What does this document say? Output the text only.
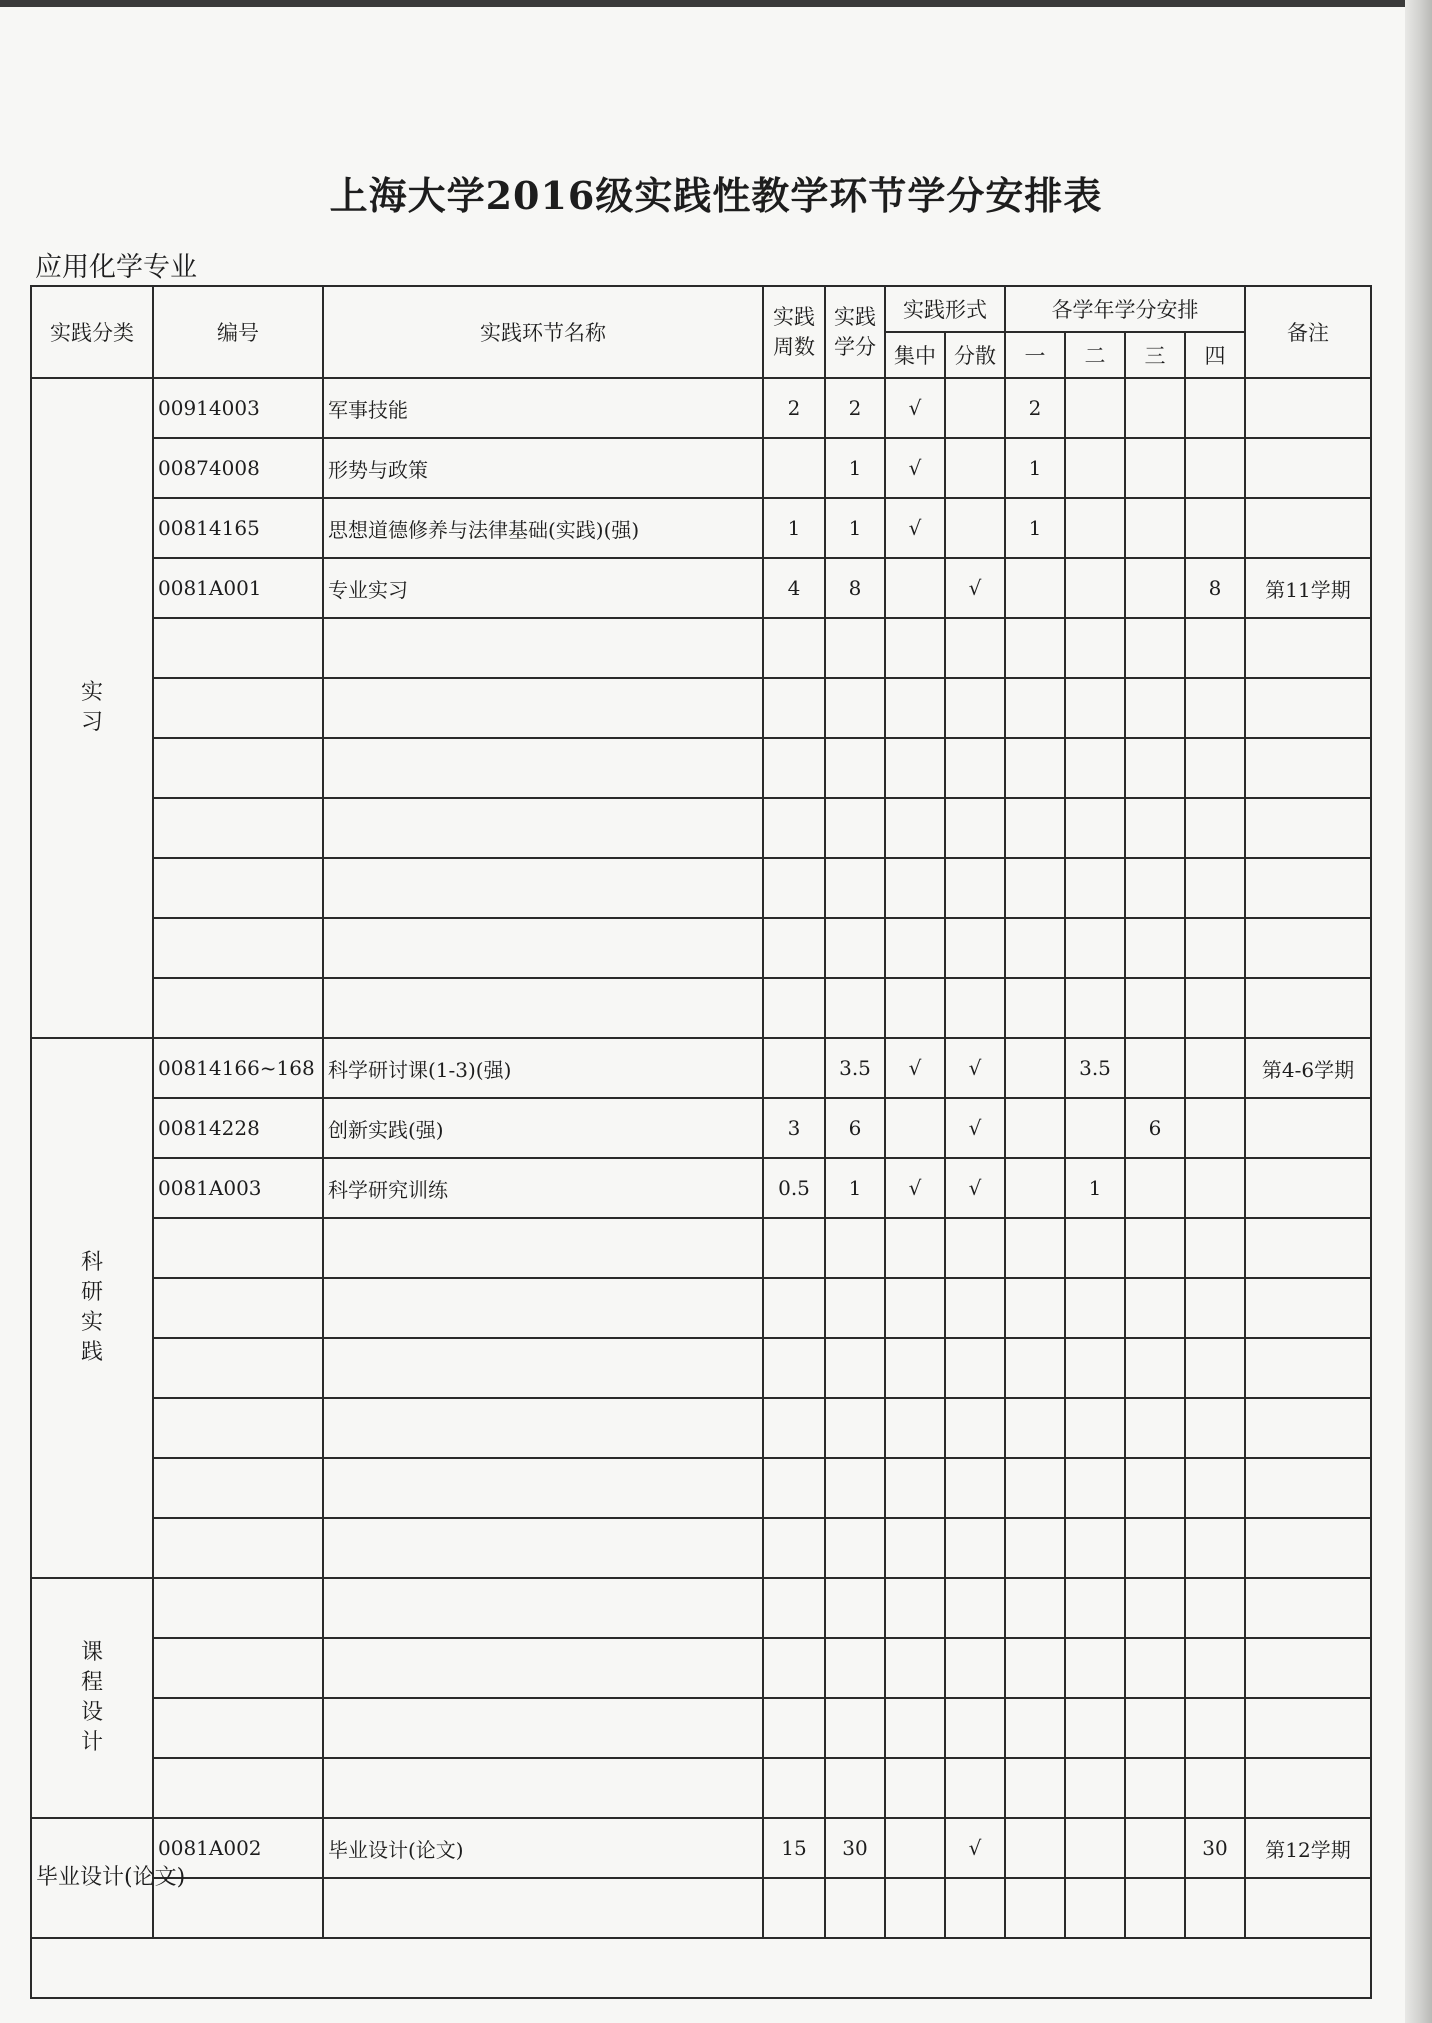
上海大学2016级实践性教学环节学分安排表
应用化学专业
实践分类	编号	实践环节名称	实践周数	实践学分	实践形式		各学年学分安排				备注
					集中	分散	一	二	三	四	
实习	00914003	军事技能	2	2	√		2				
	00874008	形势与政策		1	√		1				
	00814165	思想道德修养与法律基础(实践)(强)	1	1	√		1				
	0081A001	专业实习	4	8		√				8	第11学期

科研实践	00814166~168	科学研讨课(1-3)(强)		3.5	√	√		3.5			第4-6学期
	00814228	创新实践(强)	3	6		√			6		
	0081A003	科学研究训练	0.5	1	√	√		1			

课程设计											

毕业设计(论文)	0081A002	毕业设计(论文)	15	30		√				30	第12学期
